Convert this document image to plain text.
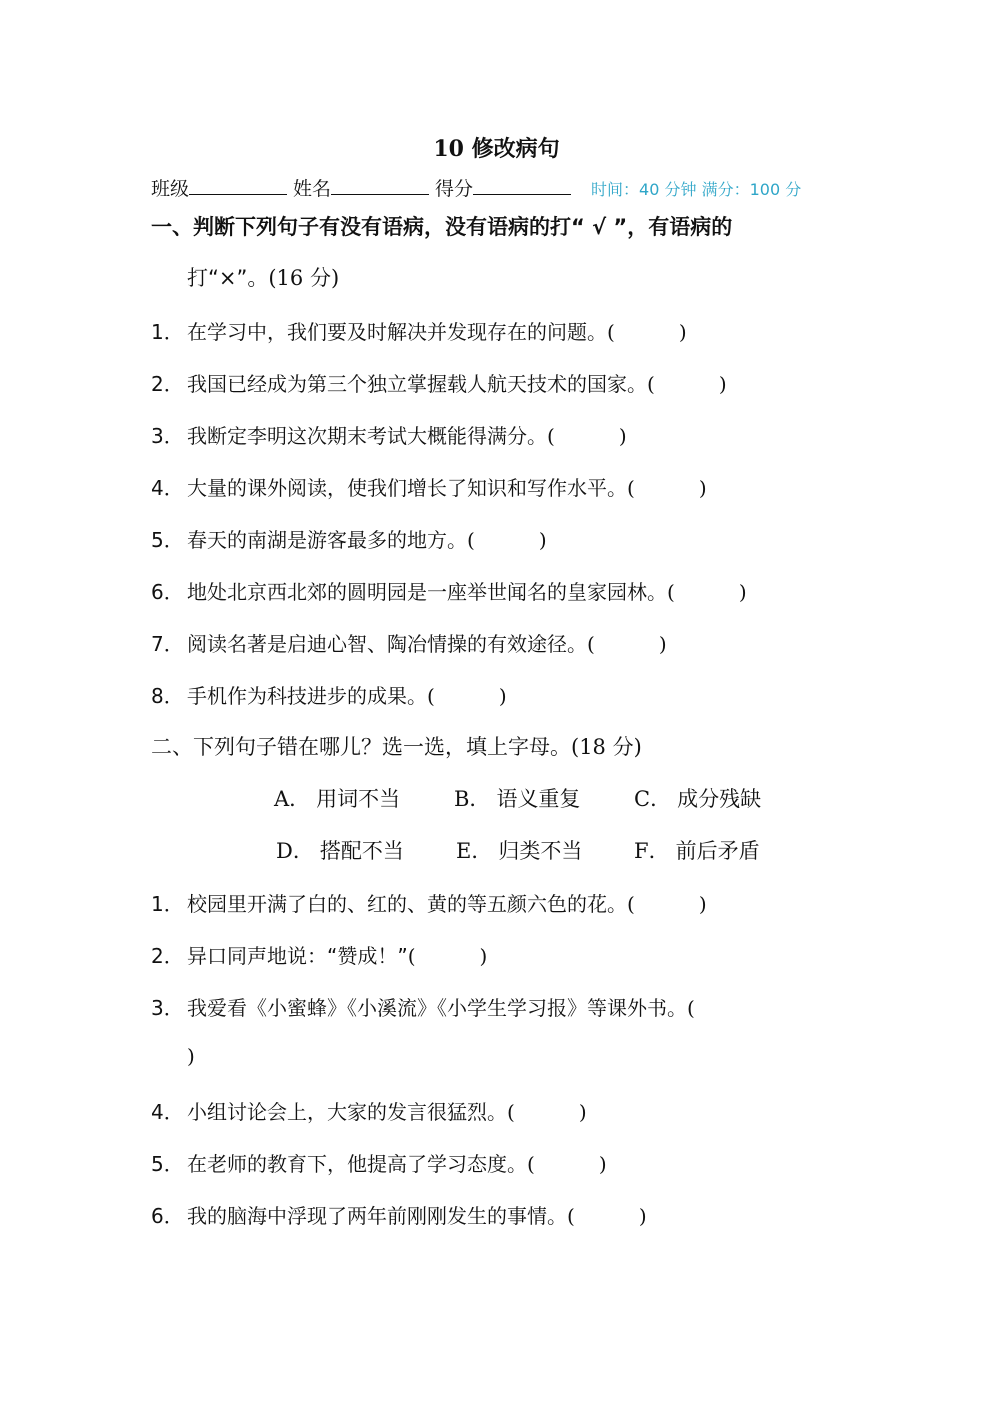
10 修改病句
班级	姓名	得分	时间：40 分钟 满分：100 分
一、判断下列句子有没有语病，没有语病的打“ √ ”，有语病的
打“×”。(16 分)
1． 在学习中，我们要及时解决并发现存在的问题。(	)
2． 我国已经成为第三个独立掌握载人航天技术的国家。(	)
3． 我断定李明这次期末考试大概能得满分。(	)
4． 大量的课外阅读，使我们增长了知识和写作水平。(	)
5． 春天的南湖是游客最多的地方。(	)
6． 地处北京西北郊的圆明园是一座举世闻名的皇家园林。(	)
7． 阅读名著是启迪心智、陶冶情操的有效途径。(	)
8． 手机作为科技进步的成果。(	)
二、下列句子错在哪儿？选一选，填上字母。(18 分)
A． 用词不当	B． 语义重复	C． 成分残缺
D． 搭配不当 E． 归类不当 F． 前后矛盾
1． 校园里开满了白的、红的、黄的等五颜六色的花。(	)
2． 异口同声地说：“赞成！”(	)
3． 我爱看《小蜜蜂》《小溪流》《小学生学习报》等课外书。(
)
4． 小组讨论会上，大家的发言很猛烈。(	)
5． 在老师的教育下，他提高了学习态度。(	)
6． 我的脑海中浮现了两年前刚刚发生的事情。(	)
